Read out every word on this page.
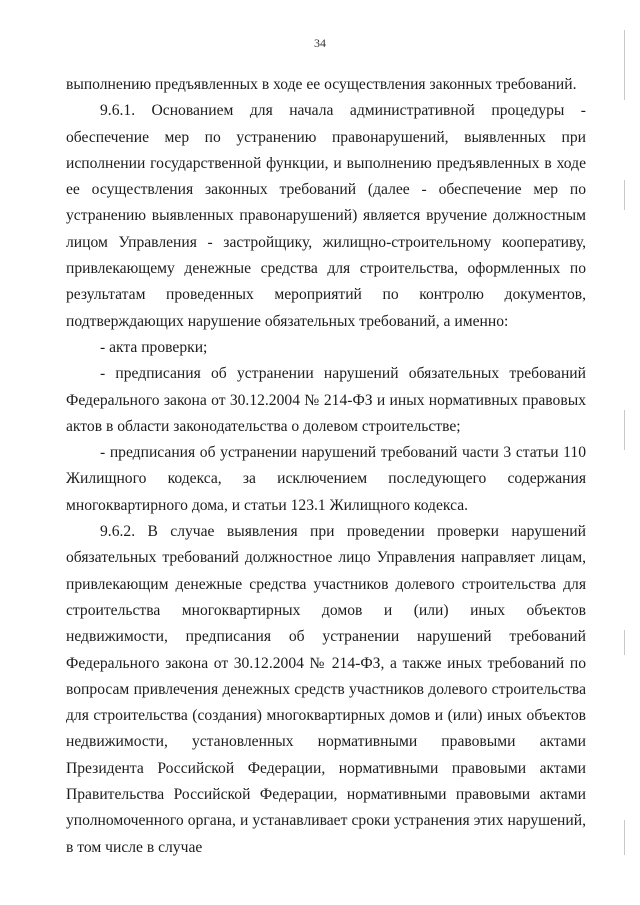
34

выполнению предъявленных в ходе ее осуществления законных требований.

9.6.1. Основанием для начала административной процедуры - обеспечение мер по устранению правонарушений, выявленных при исполнении государственной функции, и выполнению предъявленных в ходе ее осуществления законных требований (далее - обеспечение мер по устранению выявленных правонарушений) является вручение должностным лицом Управления - застройщику, жилищно-строительному кооперативу, привлекающему денежные средства для строительства, оформленных по результатам проведенных мероприятий по контролю документов, подтверждающих нарушение обязательных требований, а именно:

- акта проверки;

- предписания об устранении нарушений обязательных требований Федерального закона от 30.12.2004 № 214-ФЗ и иных нормативных правовых актов в области законодательства о долевом строительстве;

- предписания об устранении нарушений требований части 3 статьи 110 Жилищного кодекса, за исключением последующего содержания многоквартирного дома, и статьи 123.1 Жилищного кодекса.

9.6.2. В случае выявления при проведении проверки нарушений обязательных требований должностное лицо Управления направляет лицам, привлекающим денежные средства участников долевого строительства для строительства многоквартирных домов и (или) иных объектов недвижимости, предписания об устранении нарушений требований Федерального закона от 30.12.2004 № 214-ФЗ, а также иных требований по вопросам привлечения денежных средств участников долевого строительства для строительства (создания) многоквартирных домов и (или) иных объектов недвижимости, установленных нормативными правовыми актами Президента Российской Федерации, нормативными правовыми актами Правительства Российской Федерации, нормативными правовыми актами уполномоченного органа, и устанавливает сроки устранения этих нарушений, в том числе в случае
